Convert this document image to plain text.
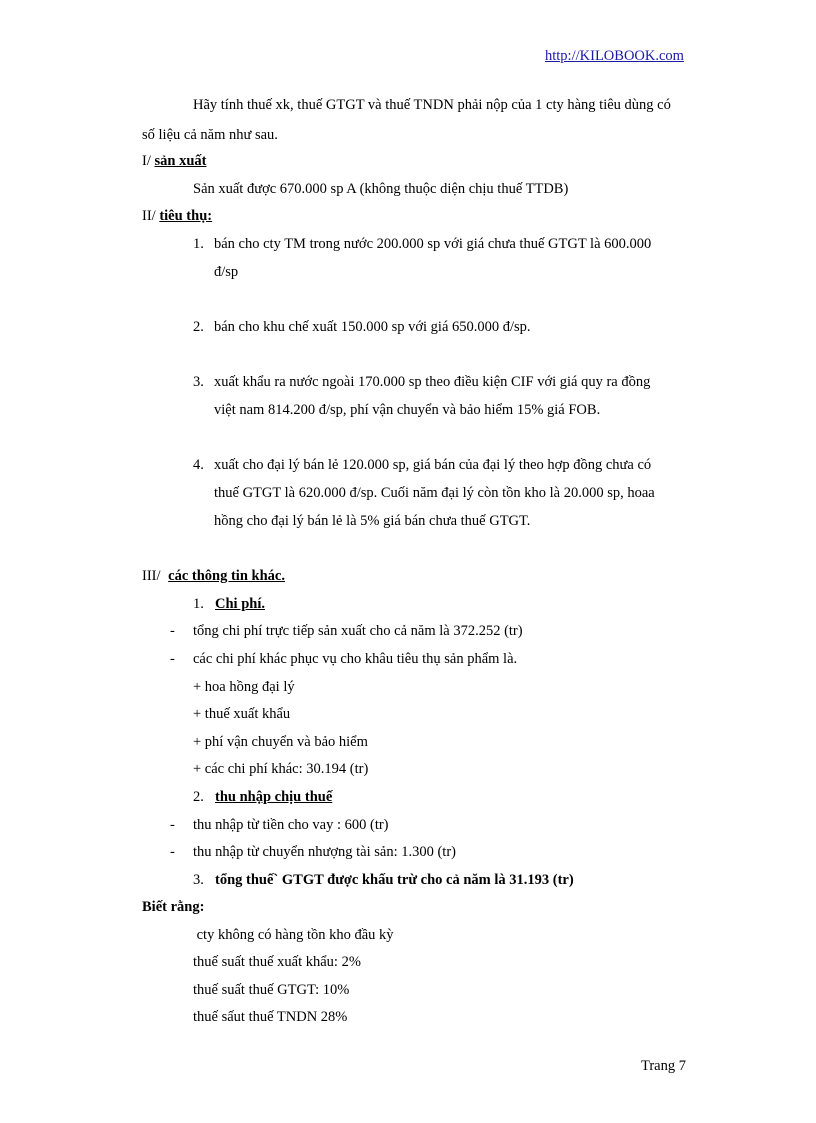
http://KILOBOOK.com
Hãy tính thuế xk, thuế GTGT và thuế TNDN phải nộp của 1 cty hàng tiêu dùng có
số liệu cả năm như sau.
I/ sản xuất
Sản xuất được 670.000 sp A (không thuộc diện chịu thuế TTDB)
II/ tiêu thụ:
1. bán cho cty TM trong nước 200.000 sp với giá chưa thuế GTGT là 600.000
đ/sp
2. bán cho khu chế xuất 150.000 sp với giá 650.000 đ/sp.
3. xuất khẩu ra nước ngoài 170.000 sp theo điều kiện CIF với giá quy ra đồng
việt nam 814.200 đ/sp, phí vận chuyển và bảo hiểm 15% giá FOB.
4. xuất cho đại lý bán lẻ 120.000 sp, giá bán của đại lý theo hợp đồng chưa có
thuế GTGT là 620.000 đ/sp. Cuối năm đại lý còn tồn kho là 20.000 sp, hoaa
hồng cho đại lý bán lẻ là 5% giá bán chưa thuế GTGT.
III/ các thông tin khác.
1. Chi phí.
- tổng chi phí trực tiếp sản xuất cho cả năm là 372.252 (tr)
- các chi phí khác phục vụ cho khâu tiêu thụ sản phẩm là.
+ hoa hồng đại lý
+ thuế xuất khẩu
+ phí vận chuyển và bảo hiểm
+ các chi phí khác: 30.194 (tr)
2. thu nhập chịu thuế
- thu nhập từ tiền cho vay : 600 (tr)
- thu nhập từ chuyển nhượng tài sản: 1.300 (tr)
3. tổng thuế` GTGT được khấu trừ cho cả năm là 31.193 (tr)
Biết rằng:
cty không có hàng tồn kho đầu kỳ
thuế suất thuế xuất khẩu: 2%
thuế suất thuế GTGT: 10%
thuế sấut thuế TNDN 28%
Trang 7
